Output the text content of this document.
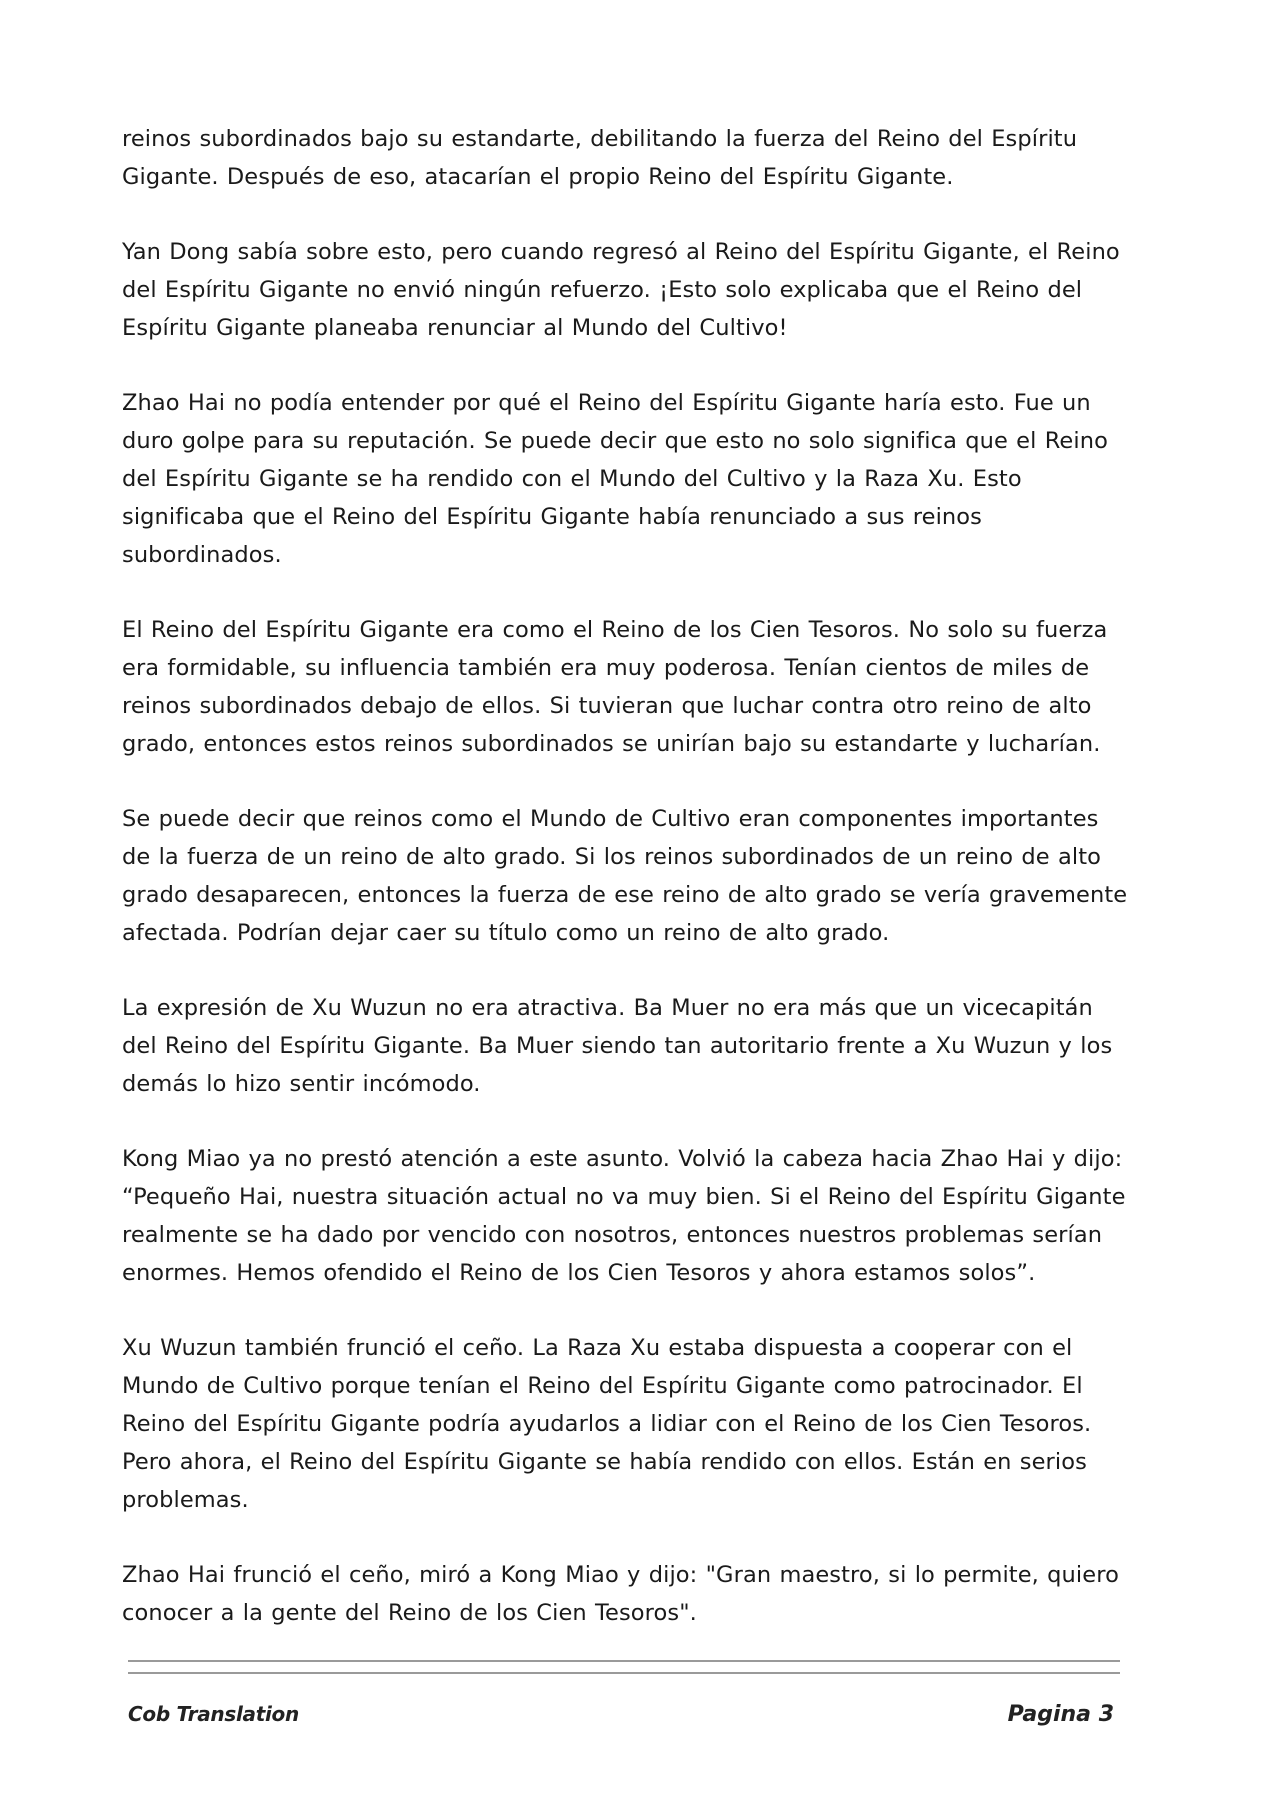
reinos subordinados bajo su estandarte, debilitando la fuerza del Reino del Espíritu Gigante. Después de eso, atacarían el propio Reino del Espíritu Gigante.

Yan Dong sabía sobre esto, pero cuando regresó al Reino del Espíritu Gigante, el Reino del Espíritu Gigante no envió ningún refuerzo. ¡Esto solo explicaba que el Reino del Espíritu Gigante planeaba renunciar al Mundo del Cultivo!

Zhao Hai no podía entender por qué el Reino del Espíritu Gigante haría esto. Fue un duro golpe para su reputación. Se puede decir que esto no solo significa que el Reino del Espíritu Gigante se ha rendido con el Mundo del Cultivo y la Raza Xu. Esto significaba que el Reino del Espíritu Gigante había renunciado a sus reinos subordinados.

El Reino del Espíritu Gigante era como el Reino de los Cien Tesoros. No solo su fuerza era formidable, su influencia también era muy poderosa. Tenían cientos de miles de reinos subordinados debajo de ellos. Si tuvieran que luchar contra otro reino de alto grado, entonces estos reinos subordinados se unirían bajo su estandarte y lucharían.

Se puede decir que reinos como el Mundo de Cultivo eran componentes importantes de la fuerza de un reino de alto grado. Si los reinos subordinados de un reino de alto grado desaparecen, entonces la fuerza de ese reino de alto grado se vería gravemente afectada. Podrían dejar caer su título como un reino de alto grado.

La expresión de Xu Wuzun no era atractiva. Ba Muer no era más que un vicecapitán del Reino del Espíritu Gigante. Ba Muer siendo tan autoritario frente a Xu Wuzun y los demás lo hizo sentir incómodo.

Kong Miao ya no prestó atención a este asunto. Volvió la cabeza hacia Zhao Hai y dijo: “Pequeño Hai, nuestra situación actual no va muy bien. Si el Reino del Espíritu Gigante realmente se ha dado por vencido con nosotros, entonces nuestros problemas serían enormes. Hemos ofendido el Reino de los Cien Tesoros y ahora estamos solos”.

Xu Wuzun también frunció el ceño. La Raza Xu estaba dispuesta a cooperar con el Mundo de Cultivo porque tenían el Reino del Espíritu Gigante como patrocinador. El Reino del Espíritu Gigante podría ayudarlos a lidiar con el Reino de los Cien Tesoros. Pero ahora, el Reino del Espíritu Gigante se había rendido con ellos. Están en serios problemas.

Zhao Hai frunció el ceño, miró a Kong Miao y dijo: "Gran maestro, si lo permite, quiero conocer a la gente del Reino de los Cien Tesoros".

Cob Translation	Pagina 3
